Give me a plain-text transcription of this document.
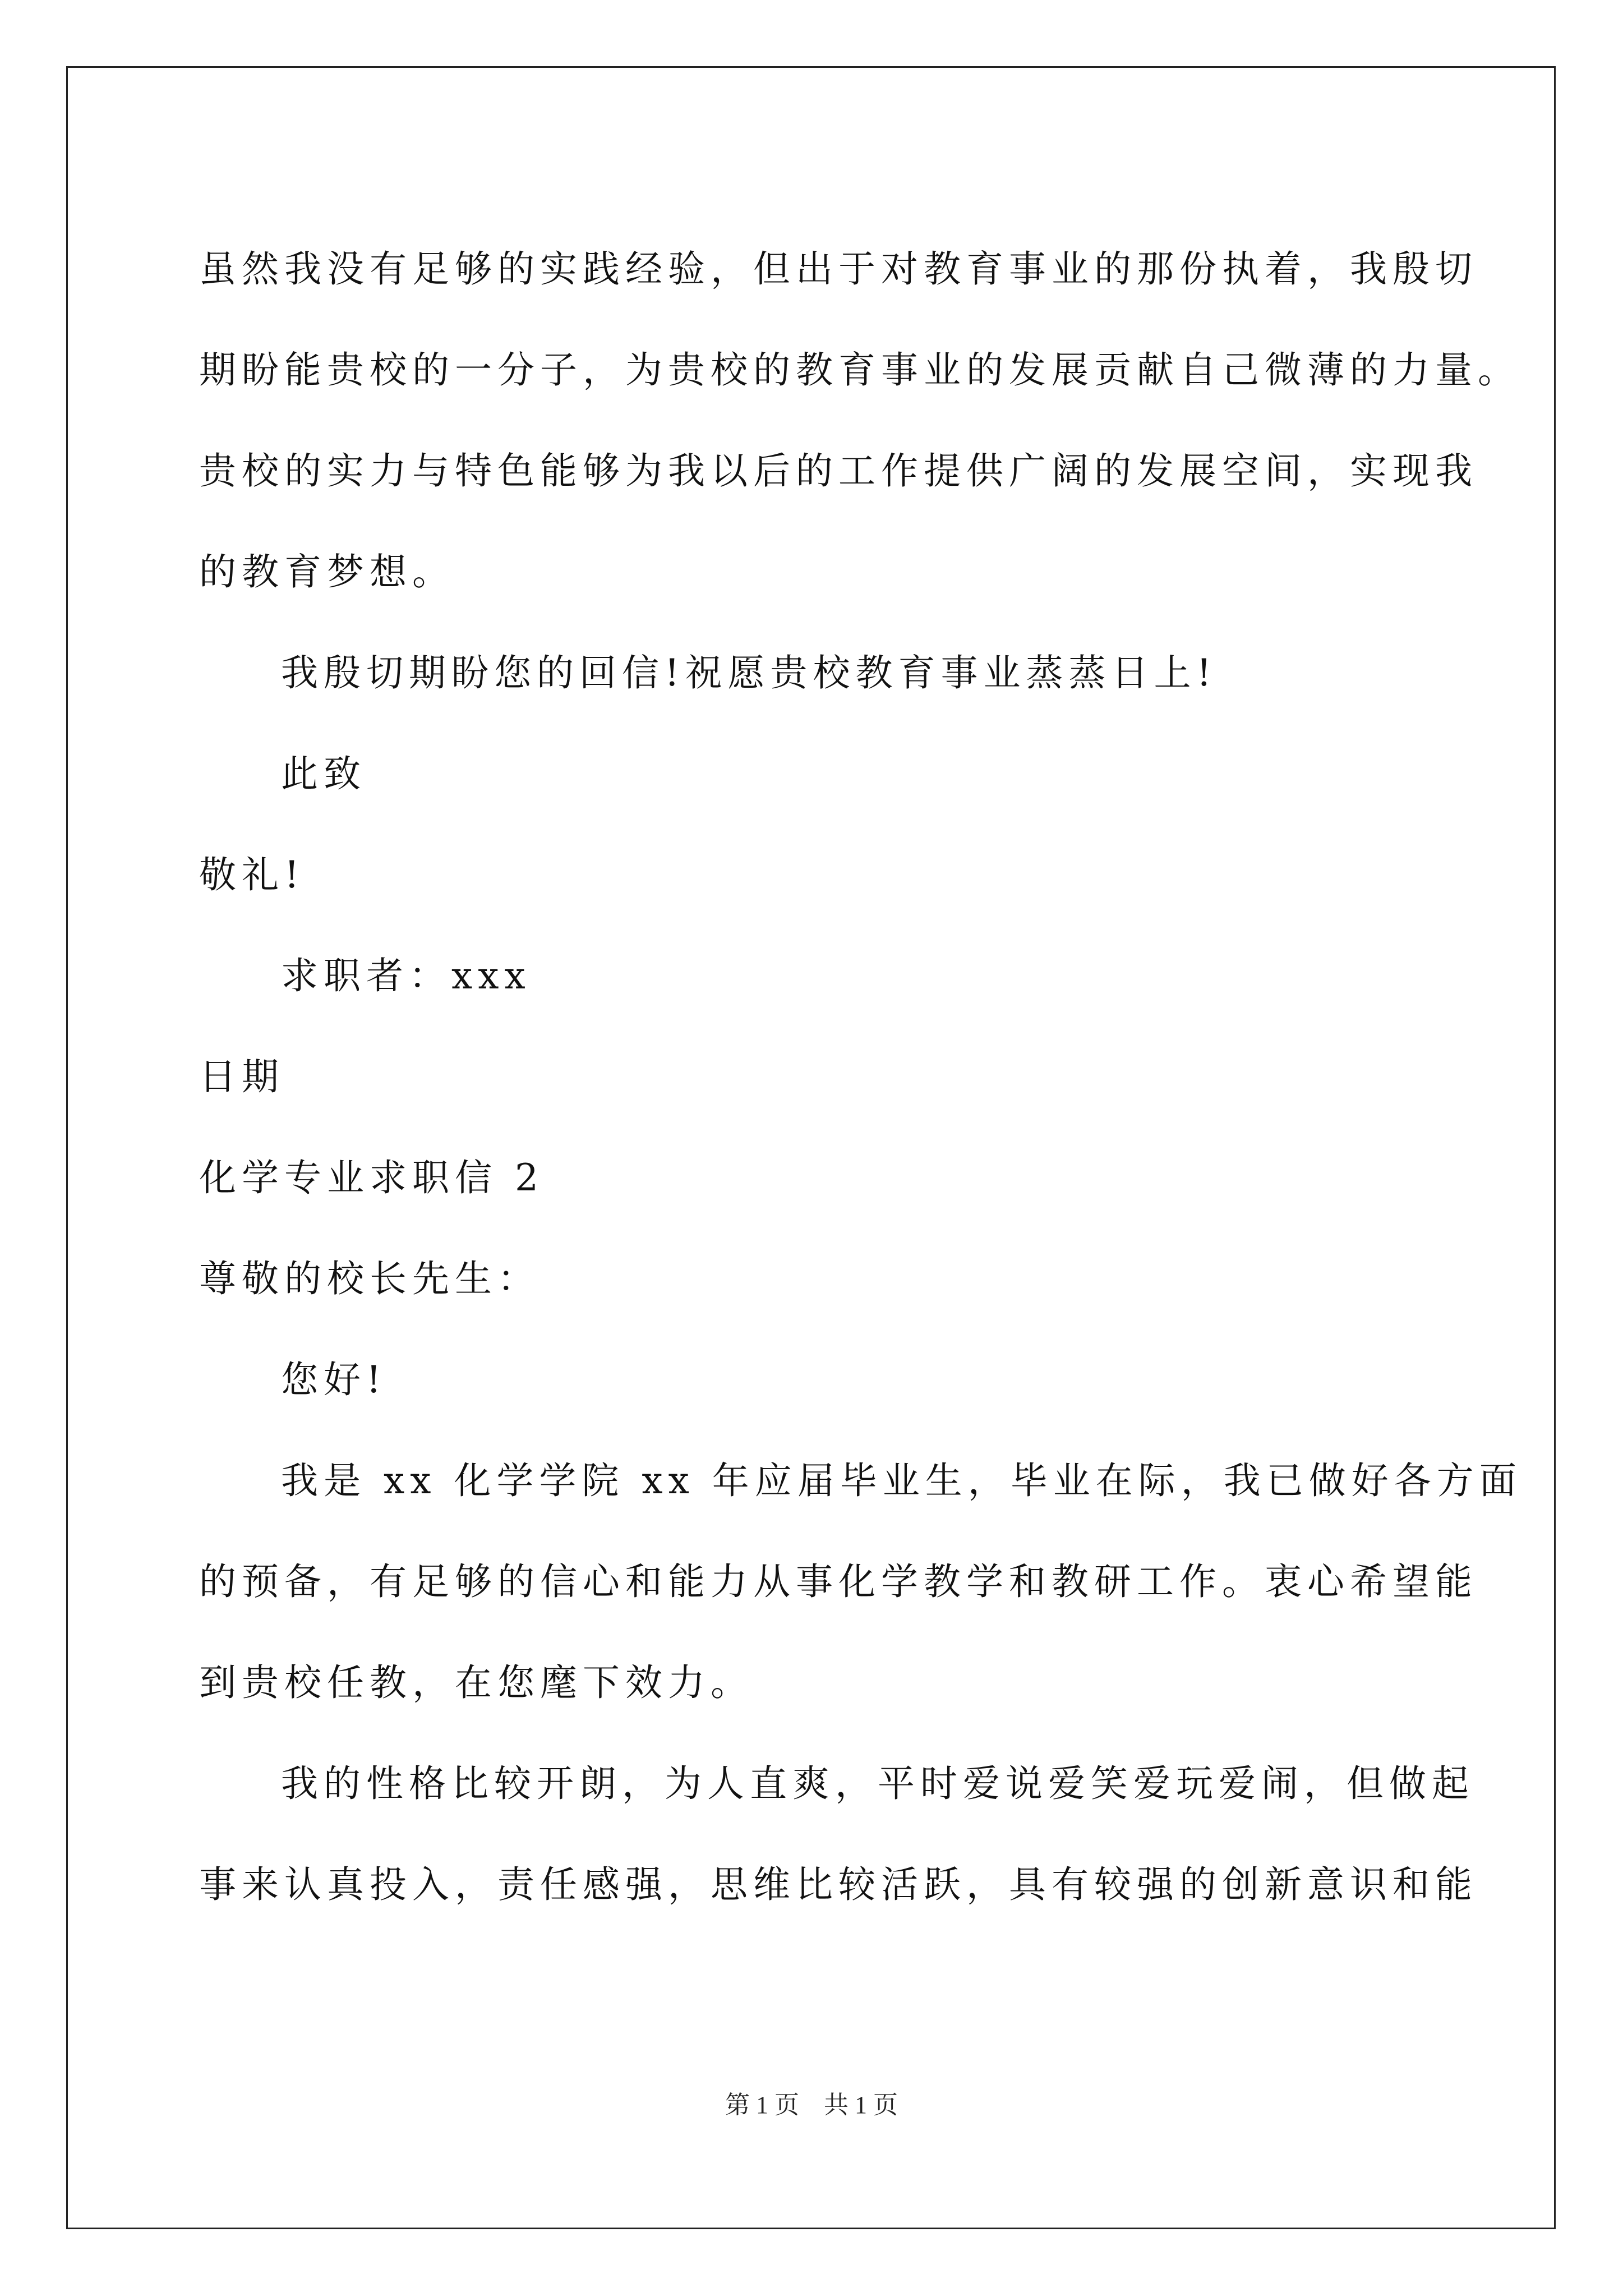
虽然我没有足够的实践经验，但出于对教育事业的那份执着，我殷切
期盼能贵校的一分子，为贵校的教育事业的发展贡献自己微薄的力量。
贵校的实力与特色能够为我以后的工作提供广阔的发展空间，实现我
的教育梦想。
我殷切期盼您的回信!祝愿贵校教育事业蒸蒸日上!
此致
敬礼!
求职者：xxx
日期
化学专业求职信 2
尊敬的校长先生：
您好!
我是 xx 化学学院 xx 年应届毕业生，毕业在际，我已做好各方面
的预备，有足够的信心和能力从事化学教学和教研工作。衷心希望能
到贵校任教，在您麾下效力。
我的性格比较开朗，为人直爽，平时爱说爱笑爱玩爱闹，但做起
事来认真投入，责任感强，思维比较活跃，具有较强的创新意识和能
第 1 页　共 1 页
